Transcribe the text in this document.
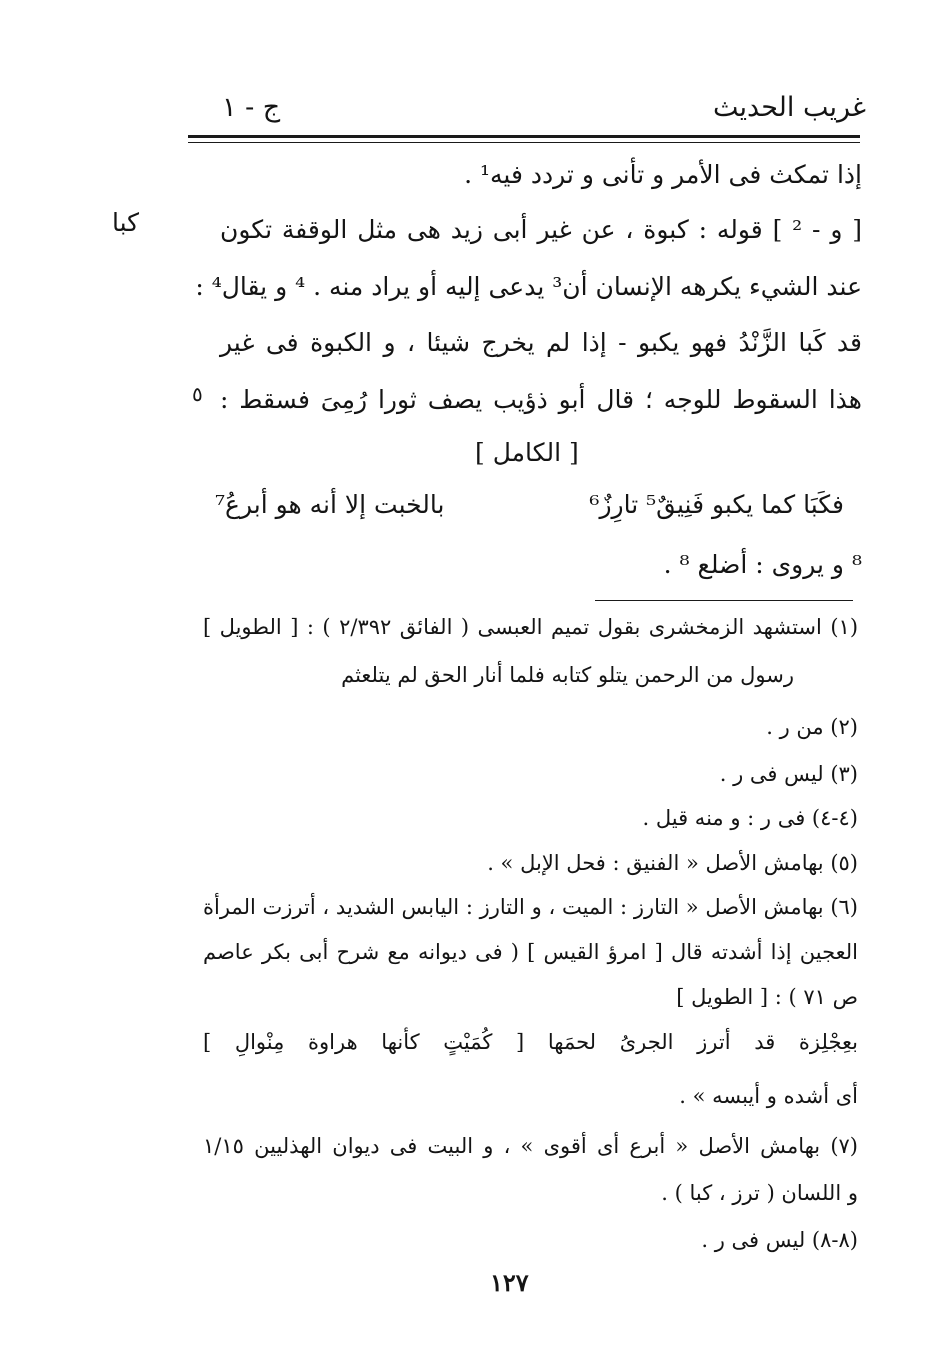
غريب الحديث
ج - ١
كبا
٥
إذا تمكث فى الأمر و تأنى و تردد فيه¹ .
[ و - ² ] قوله : كبوة ، عن غير أبى زيد هى مثل الوقفة تكون
عند الشيء يكرهه الإنسان أن³ يدعى إليه أو يراد منه . ⁴ و يقال⁴ :
قد كَبا الزَّنْدُ فهو يكبو - إذا لم يخرج شيئا ، و الكبوة فى غير
هذا السقوط للوجه ؛ قال أبو ذؤيب يصف ثورا رُمِىَ فسقط :
[ الكامل ]
فكَبَا كما يكبو فَنِيقٌ⁵ تارِزٌ⁶
بالخبت إلا أنه هو أبرعُ⁷
⁸ و يروى : أضلع ⁸ .
(١) استشهد الزمخشرى بقول تميم العبسى ( الفائق ٢/٣٩٢ ) : [ الطويل ]
رسول من الرحمن يتلو كتابه فلما أنار الحق لم يتلعثم
(٢) من ر .
(٣) ليس فى ر .
(٤-٤) فى ر : و منه قيل .
(٥) بهامش الأصل « الفنيق : فحل الإبل » .
(٦) بهامش الأصل « التارز : الميت ، و التارز : اليابس الشديد ، أترزت المرأة
العجين إذا أشدته قال [ امرؤ القيس ] ( فى ديوانه مع شرح أبى بكر عاصم
ص ٧١ ) : [ الطويل ]
بعِجْلِزة قد أترز الجرىُ لحمَها [ كُمَيْتٍ كأنها هراوة مِنْوالِ ]
أى أشده و أيبسه » .
(٧) بهامش الأصل « أبرع أى أقوى » ، و البيت فى ديوان الهذليين ١/١٥
و اللسان ( ترز ، كبا ) .
(٨-٨) ليس فى ر .
١٢٧
